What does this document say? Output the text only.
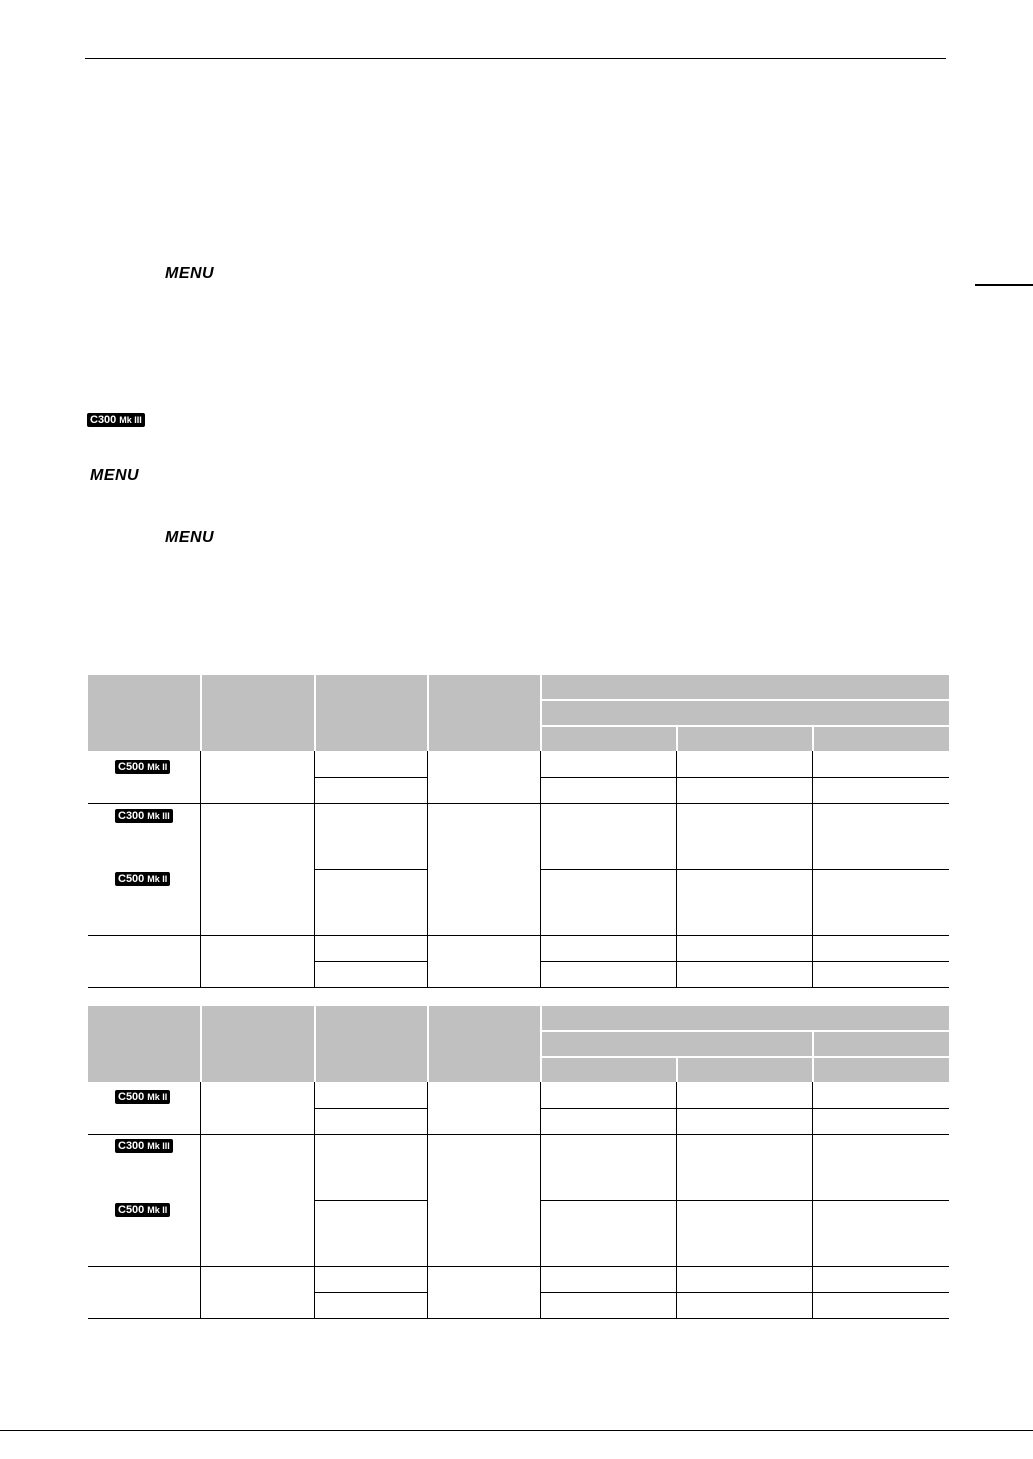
MENU
C300 Mk III
MENU
MENU
C500 Mk II
C300 Mk III
C500 Mk II
C500 Mk II
C300 Mk III
C500 Mk II
